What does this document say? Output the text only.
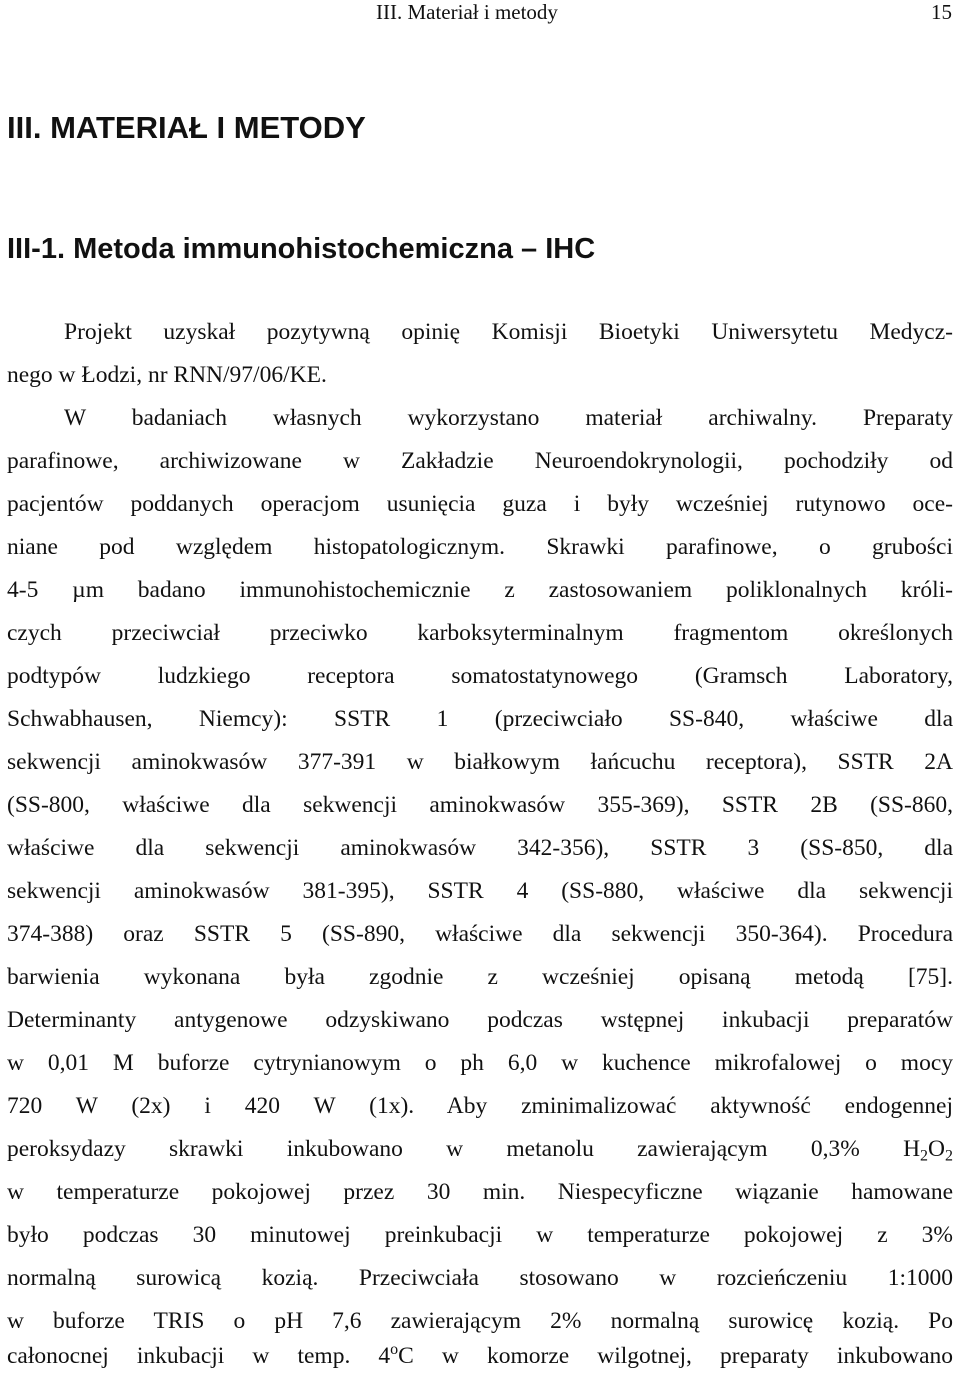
III. Materiał i metody	15
III. MATERIAŁ I METODY
III-1. Metoda immunohistochemiczna – IHC
Projekt uzyskał pozytywną opinię Komisji Bioetyki Uniwersytetu Medycz-
nego w Łodzi, nr RNN/97/06/KE.
W badaniach własnych wykorzystano materiał archiwalny. Preparaty
parafinowe, archiwizowane w Zakładzie Neuroendokrynologii, pochodziły od
pacjentów poddanych operacjom usunięcia guza i były wcześniej rutynowo oce-
niane pod względem histopatologicznym. Skrawki parafinowe, o grubości
4-5 µm badano immunohistochemicznie z zastosowaniem poliklonalnych króli-
czych przeciwciał przeciwko karboksyterminalnym fragmentom określonych
podtypów ludzkiego receptora somatostatynowego (Gramsch Laboratory,
Schwabhausen, Niemcy): SSTR 1 (przeciwciało SS-840, właściwe dla
sekwencji aminokwasów 377-391 w białkowym łańcuchu receptora), SSTR 2A
(SS-800, właściwe dla sekwencji aminokwasów 355-369), SSTR 2B (SS-860,
właściwe dla sekwencji aminokwasów 342-356), SSTR 3 (SS-850, dla
sekwencji aminokwasów 381-395), SSTR 4 (SS-880, właściwe dla sekwencji
374-388) oraz SSTR 5 (SS-890, właściwe dla sekwencji 350-364). Procedura
barwienia wykonana była zgodnie z wcześniej opisaną metodą [75].
Determinanty antygenowe odzyskiwano podczas wstępnej inkubacji preparatów
w 0,01 M buforze cytrynianowym o ph 6,0 w kuchence mikrofalowej o mocy
720 W (2x) i 420 W (1x). Aby zminimalizować aktywność endogennej
peroksydazy skrawki inkubowano w metanolu zawierającym 0,3% $H_2O_2$
w temperaturze pokojowej przez 30 min. Niespecyficzne wiązanie hamowane
było podczas 30 minutowej preinkubacji w temperaturze pokojowej z 3%
normalną surowicą kozią. Przeciwciała stosowano w rozcieńczeniu 1:1000
w buforze TRIS o pH 7,6 zawierającym 2% normalną surowicę kozią. Po
całonocnej inkubacji w temp. 4$^o$C w komorze wilgotnej, preparaty inkubowano
